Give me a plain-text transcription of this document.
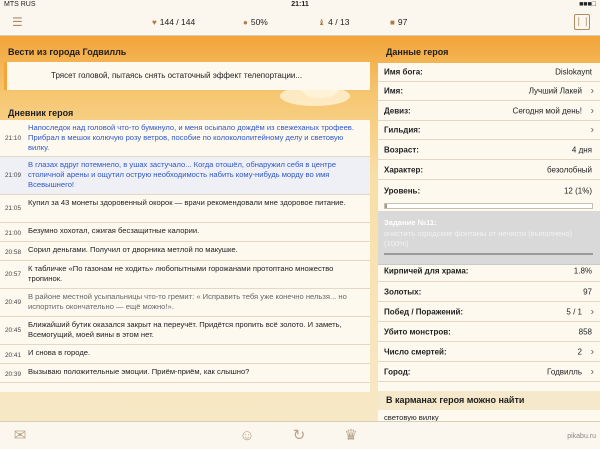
MTS RUS	21:11	■■■□
☰	♥ 144 / 144	● 50%	♝ 4 / 13	■ 97	❘❘
Вести из города Годвилль
Трясет головой, пытаясь снять остаточный эффект телепортации...
Дневник героя
21:10
Напоследок над головой что-то бумкнуло, и меня осыпало дождём из свежеханых трофеев. Прибрал в мешок колючую розу ветров, пособие по колокололитейному делу и световую вилку.
21:09
В глазах вдруг потемнело, в ушах застучало... Когда отошёл, обнаружил себя в центре столичной арены и ощутил острую необходимость набить кому-нибудь морду во имя Всевышнего!
21:05
Купил за 43 монеты здоровенный окорок — врачи рекомендовали мне здоровое питание.
21:00 Безумно хохотал, сжигая бесзащитные калории.
20:58 Сорил деньгами. Получил от дворника метлой по макушке.
20:57
К табличке «По газонам не ходить» любопытными горожанами протоптано множество тропинок.
20:49
В районе местной усыпальницы что-то гремит: « Исправить тебя уже конечно нельзя... но испортить окончательно — ещё можно!».
20:45
Ближайший бутик оказался закрыт на переучёт. Придётся пропить всё золото. И заметь, Всемогущий, моей вины в этом нет.
20:41 И снова в городе.
20:39 Вызываю положительные эмоции. Приём-приём, как слышно?
Данные героя
Имя бога:	Dislokaynt
Имя:	Лучший Лакей ›
Девиз:	Сегодня мой день! ›
Гильдия:	›
Возраст:	4 дня
Характер:	безолобный
Уровень:	12 (1%)
Задание №11:
очистить городские фонтаны от нечисти (выполнено) (100%)
Кирпичей для храма:	1.8%
Золотых:	97
Побед / Поражений:	5 / 1 ›
Убито монстров:	858
Число смертей:	2 ›
Город:	Годвилль ›
В карманах героя можно найти
световую вилку
✉	☺	↻	♛	pikabu.ru
